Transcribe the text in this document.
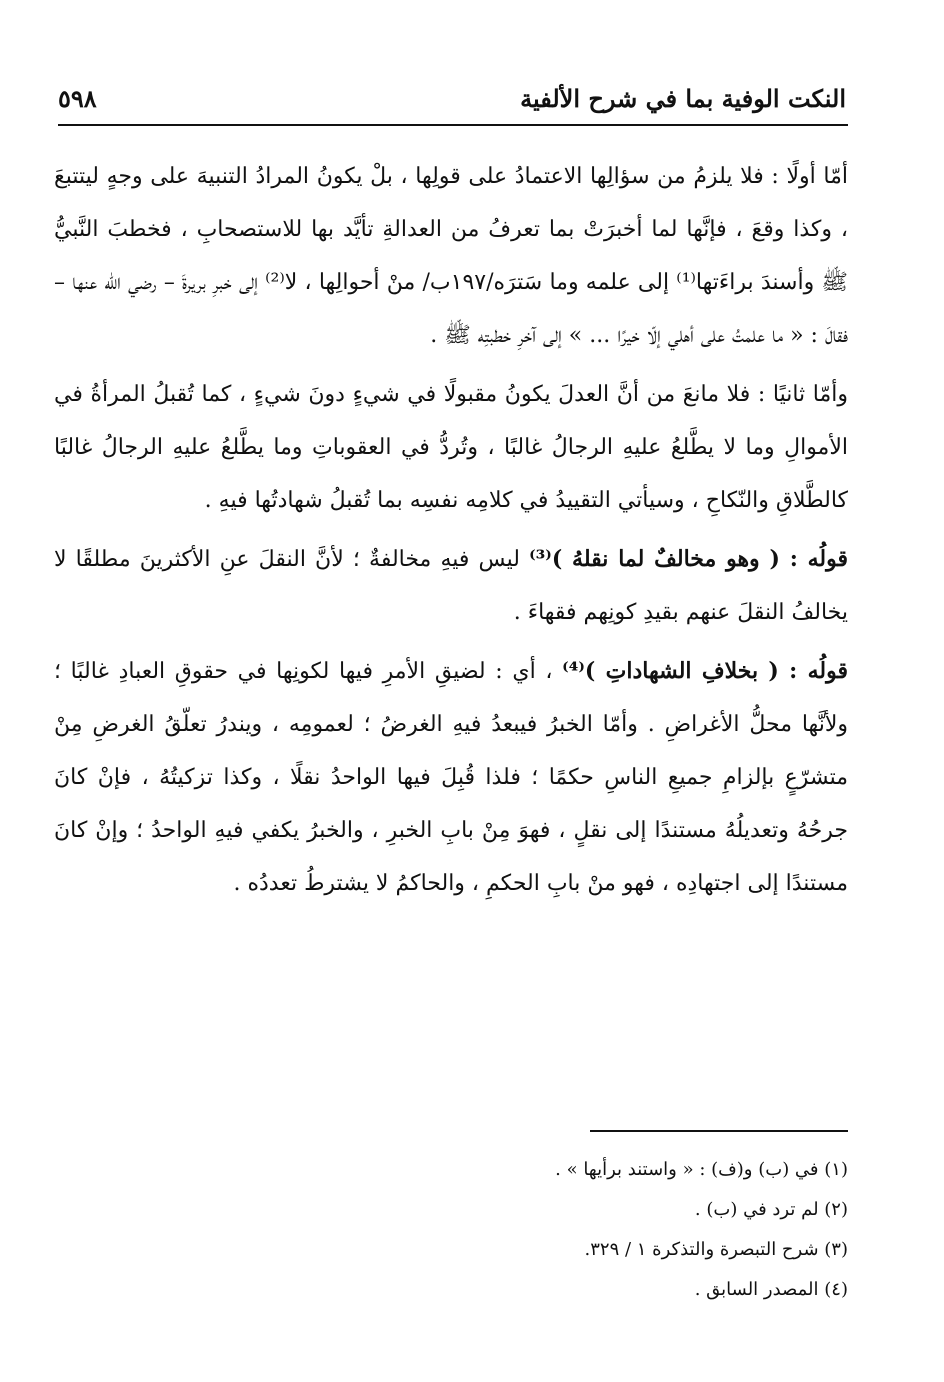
النكت الوفية بما في شرح الألفية
٥٩٨

أمّا أولًا : فلا يلزمُ من سؤالِها الاعتمادُ على قولِها ، بلْ يكونُ المرادُ التنبيهَ على وجهٍ ليتتبعَ ، وكذا وقعَ ، فإنَّها لما أخبرَتْ بما تعرفُ من العدالةِ تأيَّد بها للاستصحابِ ، فخطبَ النَّبيُّ ﷺ وأسندَ براءَتها⁽¹⁾ إلى علمه وما سَترَه/١٩٧ب/ منْ أحوالِها ، لا⁽²⁾ إلى خبرِ بريرةَ – رضي اللّه عنها – فقالَ : « ما علمتُ على أهلي إلّا خيرًا ... » إلى آخرِ خطبتِه ﷺ .

وأمّا ثانيًا : فلا مانعَ من أنَّ العدلَ يكونُ مقبولًا في شيءٍ دونَ شيءٍ ، كما تُقبلُ المرأةُ في الأموالِ وما لا يطَّلعُ عليهِ الرجالُ غالبًا ، وتُردُّ في العقوباتِ وما يطَّلعُ عليهِ الرجالُ غالبًا كالطَّلاقِ والنّكاحِ ، وسيأتي التقييدُ في كلامِه نفسِه بما تُقبلُ شهادتُها فيهِ .

قولُه : ( وهو مخالفٌ لما نقلهُ )⁽³⁾ ليس فيهِ مخالفةٌ ؛ لأنَّ النقلَ عنِ الأكثرينَ مطلقًا لا يخالفُ النقلَ عنهم بقيدِ كونِهم فقهاءَ .

قولُه : ( بخلافِ الشهاداتِ )⁽⁴⁾ ، أي : لضيقِ الأمرِ فيها لكونِها في حقوقِ العبادِ غالبًا ؛ ولأنَّها محلُّ الأغراضِ . وأمّا الخبرُ فيبعدُ فيهِ الغرضُ ؛ لعمومِه ، ويندرُ تعلّقُ الغرضِ مِنْ متشرّعٍ بإلزامِ جميعِ الناسِ حكمًا ؛ فلذا قُبِلَ فيها الواحدُ نقلًا ، وكذا تزكيتُهُ ، فإنْ كانَ جرحُهُ وتعديلُهُ مستندًا إلى نقلٍ ، فهوَ مِنْ بابِ الخبرِ ، والخبرُ يكفي فيهِ الواحدُ ؛ وإنْ كانَ مستندًا إلى اجتهادِه ، فهو منْ بابِ الحكمِ ، والحاكمُ لا يشترطُ تعددُه .

(١) في (ب) و(ف) : « واستند برأيها » .

(٢) لم ترد في (ب) .

(٣) شرح التبصرة والتذكرة ١ / ٣٢٩.

(٤) المصدر السابق .
